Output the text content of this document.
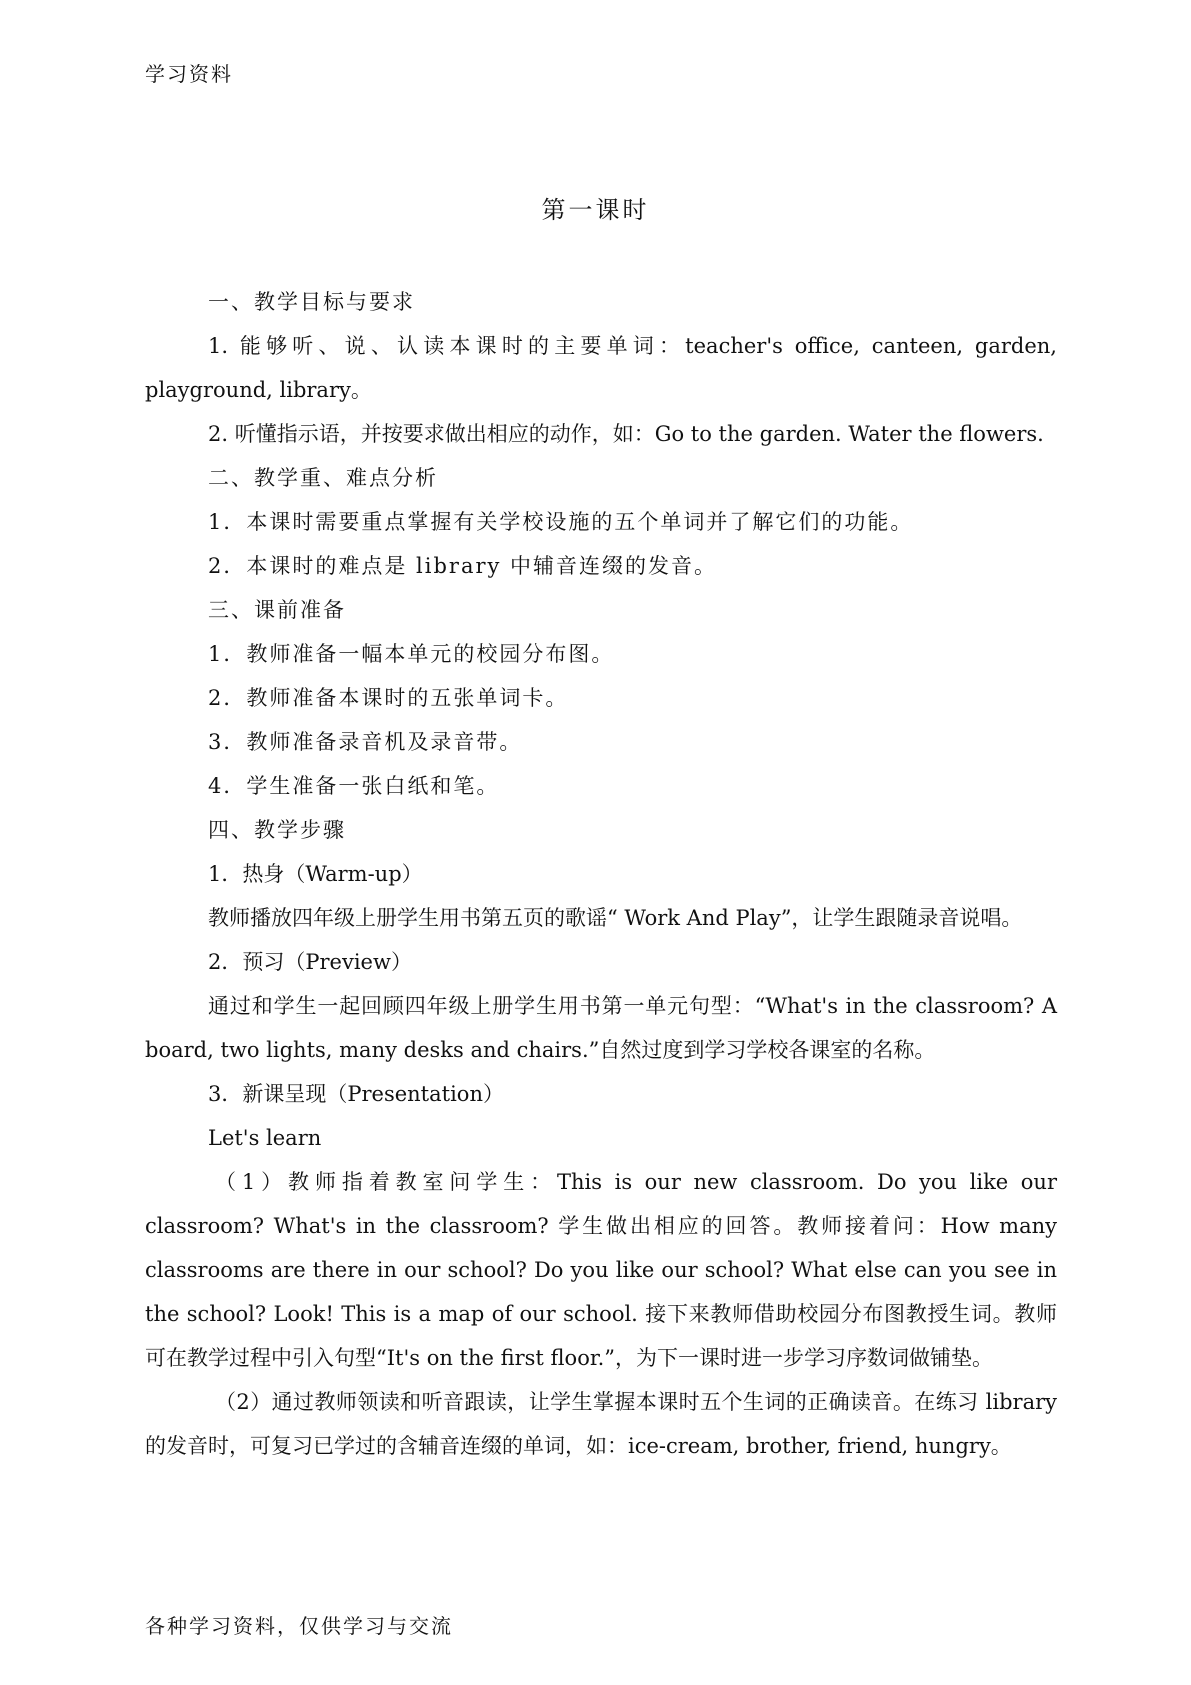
学习资料
第一课时

一、教学目标与要求

1. 能够听、说、认读本课时的主要单词：teacher's office, canteen, garden, playground, library。

2. 听懂指示语，并按要求做出相应的动作，如：Go to the garden. Water the flowers.

二、教学重、难点分析

1．本课时需要重点掌握有关学校设施的五个单词并了解它们的功能。

2．本课时的难点是 library 中辅音连缀的发音。

三、课前准备

1．教师准备一幅本单元的校园分布图。

2．教师准备本课时的五张单词卡。

3．教师准备录音机及录音带。

4．学生准备一张白纸和笔。

四、教学步骤

1．热身（Warm-up）

教师播放四年级上册学生用书第五页的歌谣“ Work And Play”，让学生跟随录音说唱。

2．预习（Preview）

通过和学生一起回顾四年级上册学生用书第一单元句型：“What's in the classroom? A board, two lights, many desks and chairs.”自然过度到学习学校各课室的名称。

3．新课呈现（Presentation）

Let's learn

（1）教师指着教室问学生：This is our new classroom. Do you like our classroom? What's in the classroom? 学生做出相应的回答。教师接着问：How many classrooms are there in our school? Do you like our school? What else can you see in the school? Look! This is a map of our school. 接下来教师借助校园分布图教授生词。教师可在教学过程中引入句型“It's on the first floor.”，为下一课时进一步学习序数词做铺垫。

（2）通过教师领读和听音跟读，让学生掌握本课时五个生词的正确读音。在练习 library 的发音时，可复习已学过的含辅音连缀的单词，如：ice-cream, brother, friend, hungry。

各种学习资料，仅供学习与交流
